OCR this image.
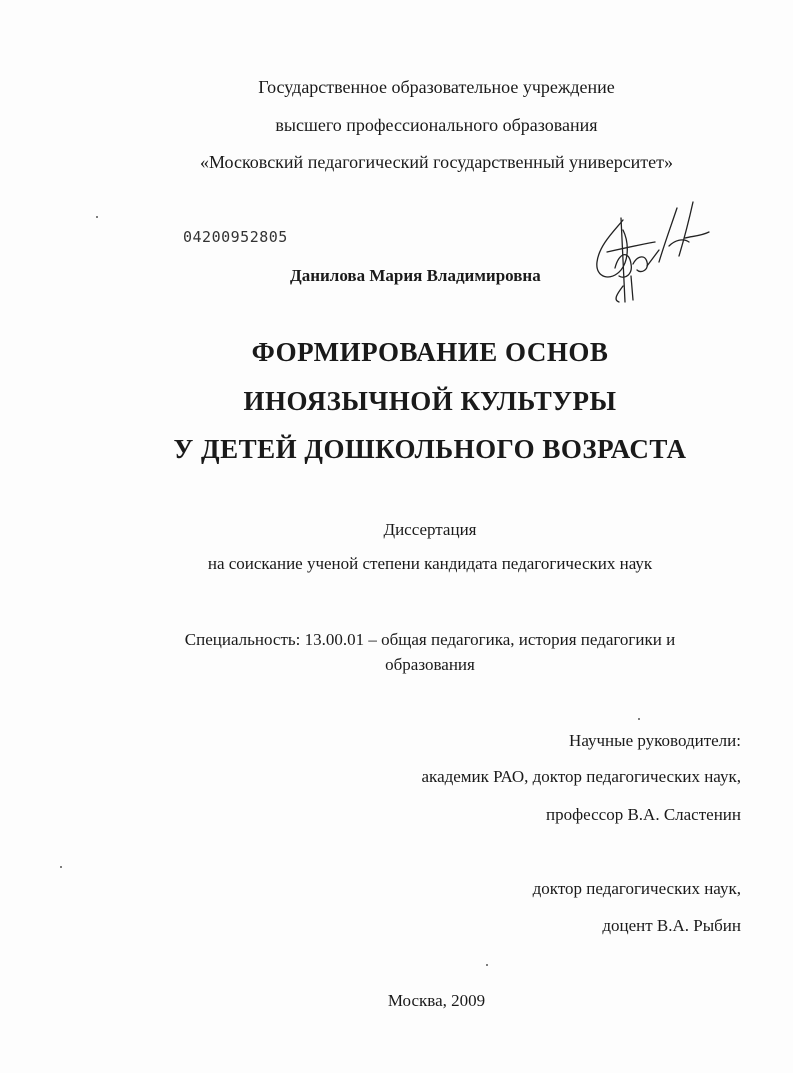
Государственное образовательное учреждение
высшего профессионального образования
«Московский педагогический государственный университет»
04200952805
Данилова Мария Владимировна
ФОРМИРОВАНИЕ ОСНОВ
ИНОЯЗЫЧНОЙ КУЛЬТУРЫ
У ДЕТЕЙ ДОШКОЛЬНОГО ВОЗРАСТА
Диссертация
на соискание ученой степени кандидата педагогических наук
Специальность: 13.00.01 – общая педагогика, история педагогики и
образования
Научные руководители:
академик РАО, доктор педагогических наук,
профессор В.А. Сластенин
доктор педагогических наук,
доцент В.А. Рыбин
Москва, 2009
